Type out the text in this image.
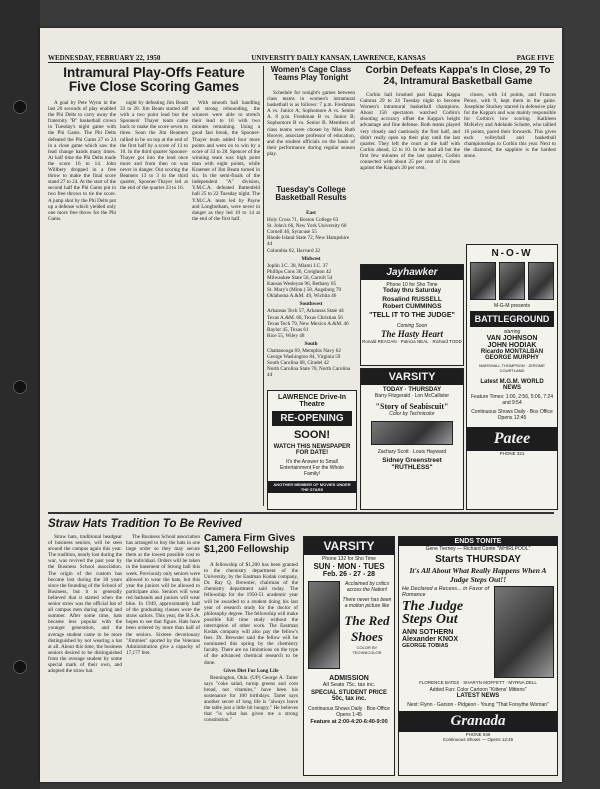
WEDNESDAY, FEBRUARY 22, 1950	UNIVERSITY DAILY KANSAN, LAWRENCE, KANSAS	PAGE FIVE
Intramural Play-Offs Feature Five Close Scoring Games

A goal by Pete Wynn in the last 20 seconds of play enabled the Phi Delts to carry away the fraternity "B" basketball crown in Tuesday's night game with the Phi Gams. The Phi Delts defeated the Phi Gams 27 to 24 in a close game which saw the lead change hands many times. At half time the Phi Delts made the score 16 to 14. John Willbery dropped in a free throw to make the final score stand 27 to 24. At the start of the second half the Phi Gams put in two free throws to tie the score. A jump shot by the Phi Delts put up a defense which yielded only one more free throw for the Phi Gams.

night by defeating Jim Beam 33 to 28. Jim Beam started off with a two point lead but the Spooners' Thayer team came back to make the score seven to three. Soon the Jim Beamers rallied to be on top at the end of the first half by a score of 13 to 10. In the third quarter Spooner-Thayer got into the lead once more and from then on was never in danger. Out scoring the Beamers 13 to 3 in the third quarter, Spooner-Thayer led at the end of the quarter 23 to 16.

With smooth ball handling and strong rebounding, the winners were able to stretch their lead to 10 with two minutes remaining. Using a good fast break, the Spooner-Thayer team added four more points and went on to win by a score of 33 to 28. Spencer of the winning team was high point man with eight points, while Kraemer of Jim Beam turned in six. In the semi-finals of the independent "A" division, Y.M.C.A. defeated Battenfeld hall 25 to 22 Tuesday night. The Y.M.C.A. team led by Payne and Longbotham, were never in danger as they led 10 to 14 at the end of the first half.

Women's Cage Class Teams Play Tonight

Schedule for tonight's games between class teams in women's intramural basketball is as follows: 7 p.m. Freshman A vs. Junior A; Sophomore A vs. Senior A. 8 p.m. Freshman B vs. Junior B; Sophomore B vs. Senior B. Members of class teams were chosen by Miss Ruth Hoover, associate professor of education, and the student officials on the basis of their performance during regular season play.

Tuesday's College Basketball Results
East
Holy Cross 71, Boston College 63
St. John's 66, New York University 60
Cornell 46, Syracuse 55
Rhode Island State 72, New Hampshire 44
Columbia 62, Harvard 32
Midwest
Joplin J.C. 38, Miami J.C. 37
Phillips Cons 36, Creighton 42
Milwaukee State 56, Carroll 54
Kansas Wesleyan 96, Bethany 65
St. Mary's (Minn.) 58, Augsburg 70
Oklahoma A.&M. 49, Wichita 46
Southwest
Arkansas Tech 57, Arkansas State 44
Texas A.&M. 60, Texas Christian 56
Texas Tech 79, New Mexico A.&M. 46
Baylor 45, Texas 61
Rice 55, Wiley 48
South
Chattanooga 69, Memphis Navy 62
George Washington 84, Virginia 59
South Carolina 68, Citadel 42
North Carolina State 70, North Carolina 44
Corbin Defeats Kappa's In Close, 29 To 24, Intramural Basketball Game

Corbin hall brushed past Kappa Kappa Gamma 29 to 24 Tuesday night to become Women's intramural basketball champions. About 150 spectators watched Corbin's shooting accuracy offset the Kappa's height advantage and fine defense. Both teams played very closely and cautiously the first half, and didn't really open up their play until the last quarter. They left the court at the half with Corbin ahead, 12 to 10. In the lead all but the first few minutes of the last quarter, Corbin connected with about 25 per cent of its shots against the Kappa's 20 per cent.

closes, with 14 points, and Frances Pence, with 9, kept them in the game. Josephine Stuckey starred in defensive play for the Kappa's and was mainly responsible for Corbin's low scoring. Kathleen McKelvy and Adelaide Schutte, who tallied 16 points, paced their forwards. This gives each volleyball and basketball championships to Corbin this year. Next to the diamond, the sapphire is the hardest stone.

LAWRENCE Drive-In Theatre
RE-OPENING
SOON!
WATCH THIS NEWSPAPER FOR DATE!
It's the Answer to Small Entertainment For the Whole Family!
ANOTHER MEMBER OF MOVIES UNDER THE STARS
Jayhawker
Phone 10 for Sho Time
Today thru Saturday
Rosalind RUSSELL
Robert CUMMINGS
"TELL IT TO THE JUDGE"
Coming Soon
The Hasty Heart
Ronald REAGAN · Patricia NEAL · Richard TODD
VARSITY
TODAY · THURSDAY
Barry Fitzgerald · Lon McCallister
"Story of Seabiscuit"
Color by Technicolor
Zachary Scott · Louis Hayward
Sidney Greenstreet "RUTHLESS"
N-O-W
M-G-M presents
BATTLEGROUND
starring
VAN JOHNSON
JOHN HODIAK
Ricardo MONTALBAN
GEORGE MURPHY
MARSHALL THOMPSON · JEROME COURTLAND
Latest M.G.M. WORLD NEWS
Feature Times: 1:00, 2:56, 5:06, 7:24 and 9:54
Continuous Shows Daily · Box Office Opens 12:45
Patee
PHONE 321
Straw Hats Tradition To Be Revived

Straw hats, traditional headgear of business seniors, will be seen around the campus again this year. The tradition, nearly lost during the war, was revived the past year by the Business School association. The origin of the custom has become lost during the 30 years since the founding of the School of Business, but it is generally believed that it started when the senior straw was the official hat of all campus men during spring and summer. After some time, hats became less popular with the younger generation, and the average student came to be more distinguished by not wearing a hat at all. About this time, the business seniors desired to be distinguished from the average student by some special mark of their own, and adopted the straw hat.

The Business School association has arranged to buy the hats in one large order so they may secure them at the lowest possible cost to the individual. Orders will be taken in the basement of Strong hall this week. Previously only seniors were allowed to wear the hats, but this year the juniors will be allowed to participate also. Seniors will wear red hatbands and juniors will wear blue. In 1949, approximately half of the graduating classes wore the straw sailors. This year, the B.S.A. hopes to see that figure. Hats have been ordered by more than half of the seniors. Sixteen devotionary "Jimmies" sported by the Veterans Administration give a capacity of 17,177 feet.

Camera Firm Gives $1,200 Fellowship

A fellowship of $1,200 has been granted to the chemistry department of the University, by the Eastman Kodak company, Dr. Ray Q. Brewster, chairman of the chemistry department said today. The fellowship for the 1950-51 academic year will be awarded to a student doing his last year of research study for the doctor of philosophy degree. The fellowship will make possible full time study without the interruption of other work. The Eastman Kodak company will also pay the fellow's fees. Dr. Brewster said the fellow will be nominated this spring by the chemistry faculty. There are no limitations on the type of the advanced chemical research to be done.

Gives Diet For Long Life

Bennington, Okla. (UP) George A. Tarter says "coke salad, turnip greens and corn bread, not vitamins," have been his sustenance for 100 birthdays. Tarter says another secret of long life is "always leave the table just a little bit hungry." He believes that "is what has given me a strong constitution."

VARSITY
Phone 132 for Sho Time
SUN · MON · TUES
Feb. 26 - 27 - 28
Acclaimed by critics across the Nation!
There never has been a motion picture like
The Red Shoes
COLOR BY TECHNICOLOR
ADMISSION
All Seats 75c, tax inc.
SPECIAL STUDENT PRICE 50c, tax inc.
Continuous Shows Daily · Box-Office Opens 1:45
Feature at 2:00-4:20-6:40-9:00
ENDS TONITE
Gene Tierney — Richard Conte "WHIRLPOOL"
Starts THURSDAY
It's All About What Really Happens When A Judge Steps Out!!
He Declared a Recess... in Favor of Romance
The Judge Steps Out
ANN SOTHERN
Alexander KNOX
GEORGE TOBIAS
FLORENCE BATES · SHARYN MOFFETT · MYRNA DELL
Added Fun: Color Cartoon "Kittens' Mittens"
LATEST NEWS
Next: Flynn - Garson - Pidgeon - Young "That Forsythe Woman"
Granada
PHONE 946
Continuous Shows — Opens 12:45
